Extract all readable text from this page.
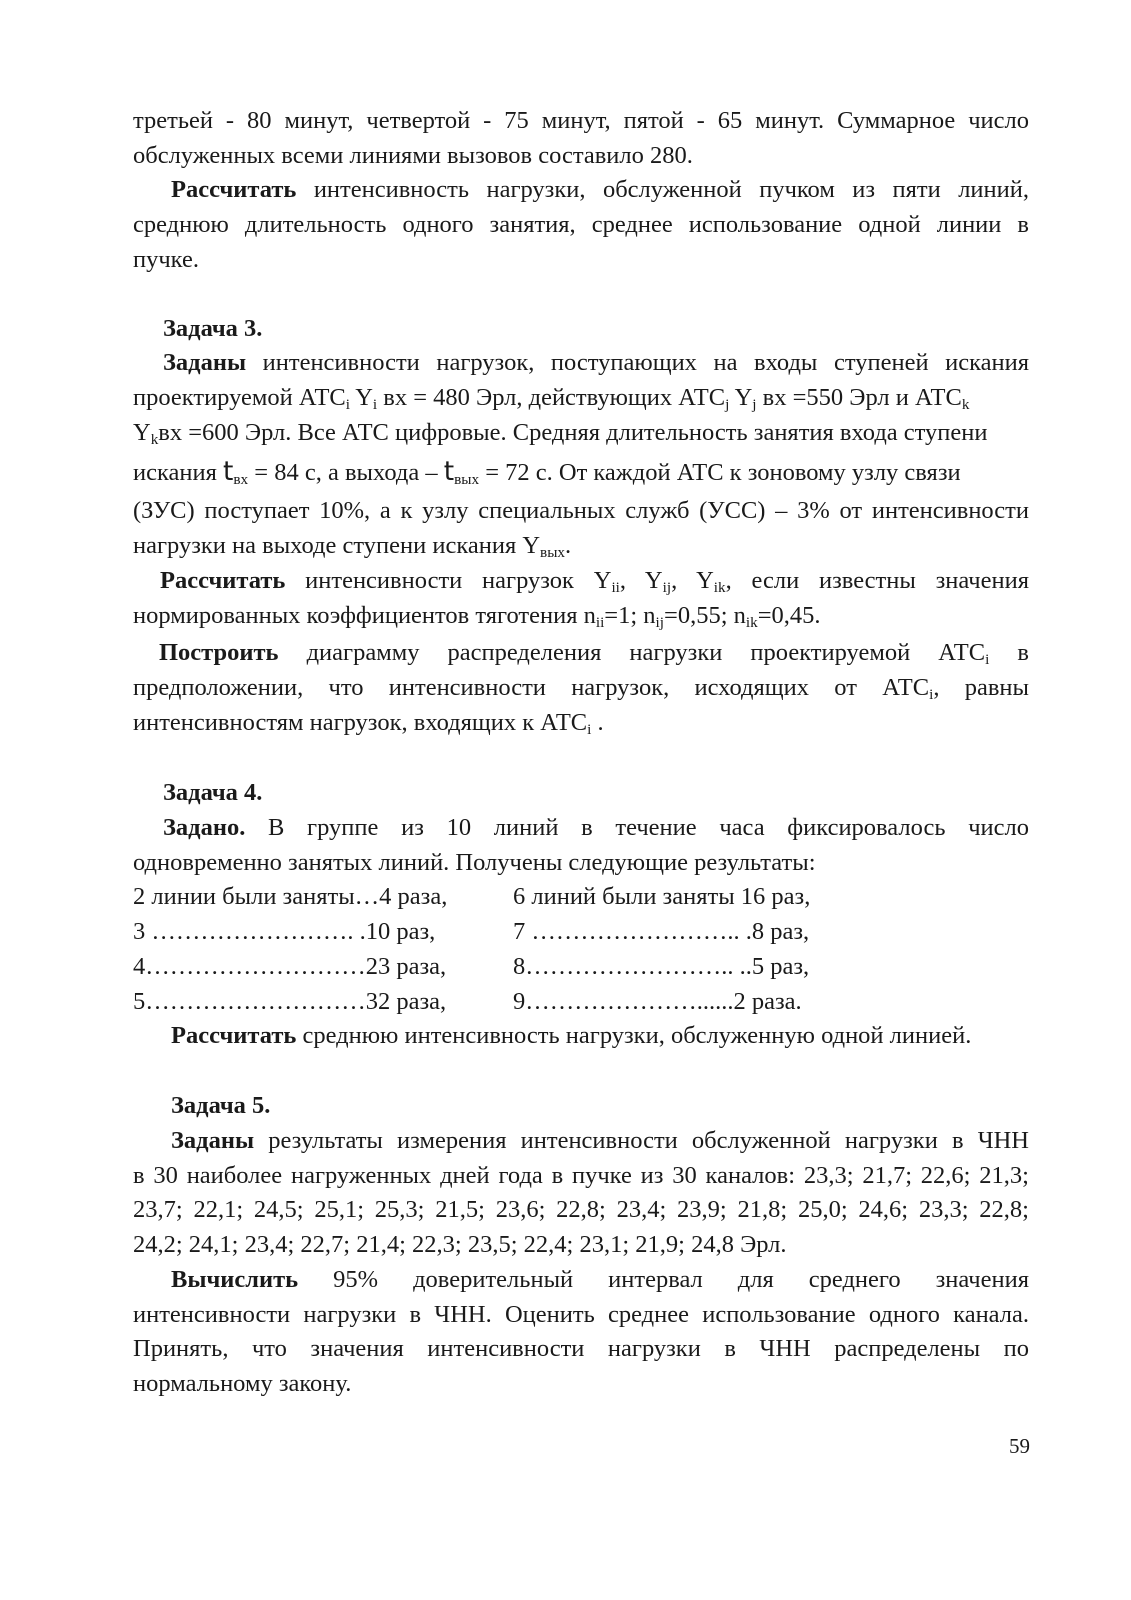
третьей - 80 минут, четвертой - 75 минут, пятой - 65 минут. Суммарное число
обслуженных всеми линиями вызовов составило 280.
Рассчитать интенсивность нагрузки, обслуженной пучком из пяти линий,
среднюю длительность одного занятия, среднее использование одной линии в
пучке.
Задача 3.
Заданы интенсивности нагрузок, поступающих на входы ступеней искания
проектируемой $АТС_i$ $Y_i$ вх = 480 Эрл, действующих $АТС_j$ $Y_j$ вх =550 Эрл и $АТС_k$
$Y_kвх =600$ Эрл. Все АТС цифровые. Средняя длительность занятия входа ступени
искания $t_{вх} = 84$ с, а выхода – $t_{вых} = 72$ с. От каждой АТС к зоновому узлу связи
(ЗУС) поступает 10%, а к узлу специальных служб (УСС) – 3% от интенсивности
нагрузки на выходе ступени искания $Y_{вых}$.
Рассчитать интенсивности нагрузок $Y_{ii}$, $Y_{ij}$, $Y_{ik}$, если известны значения
нормированных коэффициентов тяготения $n_{ii}=1$; $n_{ij}=0,55$; $n_{ik}=0,45$.
Построить диаграмму распределения нагрузки проектируемой $АТС_i$ в
предположении, что интенсивности нагрузок, исходящих от $АТС_i$, равны
интенсивностям нагрузок, входящих к $АТС_i$ .
Задача 4.
Задано. В группе из 10 линий в течение часа фиксировалось число
одновременно занятых линий. Получены следующие результаты:
2 линии были заняты…4 раза,	6 линий были заняты 16 раз,
3 ……………………. .10 раз,	7 …………………….. .8 раз,
4………………………23 раза,	8…………………….. ..5 раз,
5………………………32 раза,	9…………………......2 раза.
Рассчитать среднюю интенсивность нагрузки, обслуженную одной линией.
Задача 5.
Заданы результаты измерения интенсивности обслуженной нагрузки в ЧНН
в 30 наиболее нагруженных дней года в пучке из 30 каналов: 23,3; 21,7; 22,6; 21,3;
23,7; 22,1; 24,5; 25,1; 25,3; 21,5; 23,6; 22,8; 23,4; 23,9; 21,8; 25,0; 24,6; 23,3; 22,8;
24,2; 24,1; 23,4; 22,7; 21,4; 22,3; 23,5; 22,4; 23,1; 21,9; 24,8 Эрл.
Вычислить 95% доверительный интервал для среднего значения
интенсивности нагрузки в ЧНН. Оценить среднее использование одного канала.
Принять, что значения интенсивности нагрузки в ЧНН распределены по
нормальному закону.
59
